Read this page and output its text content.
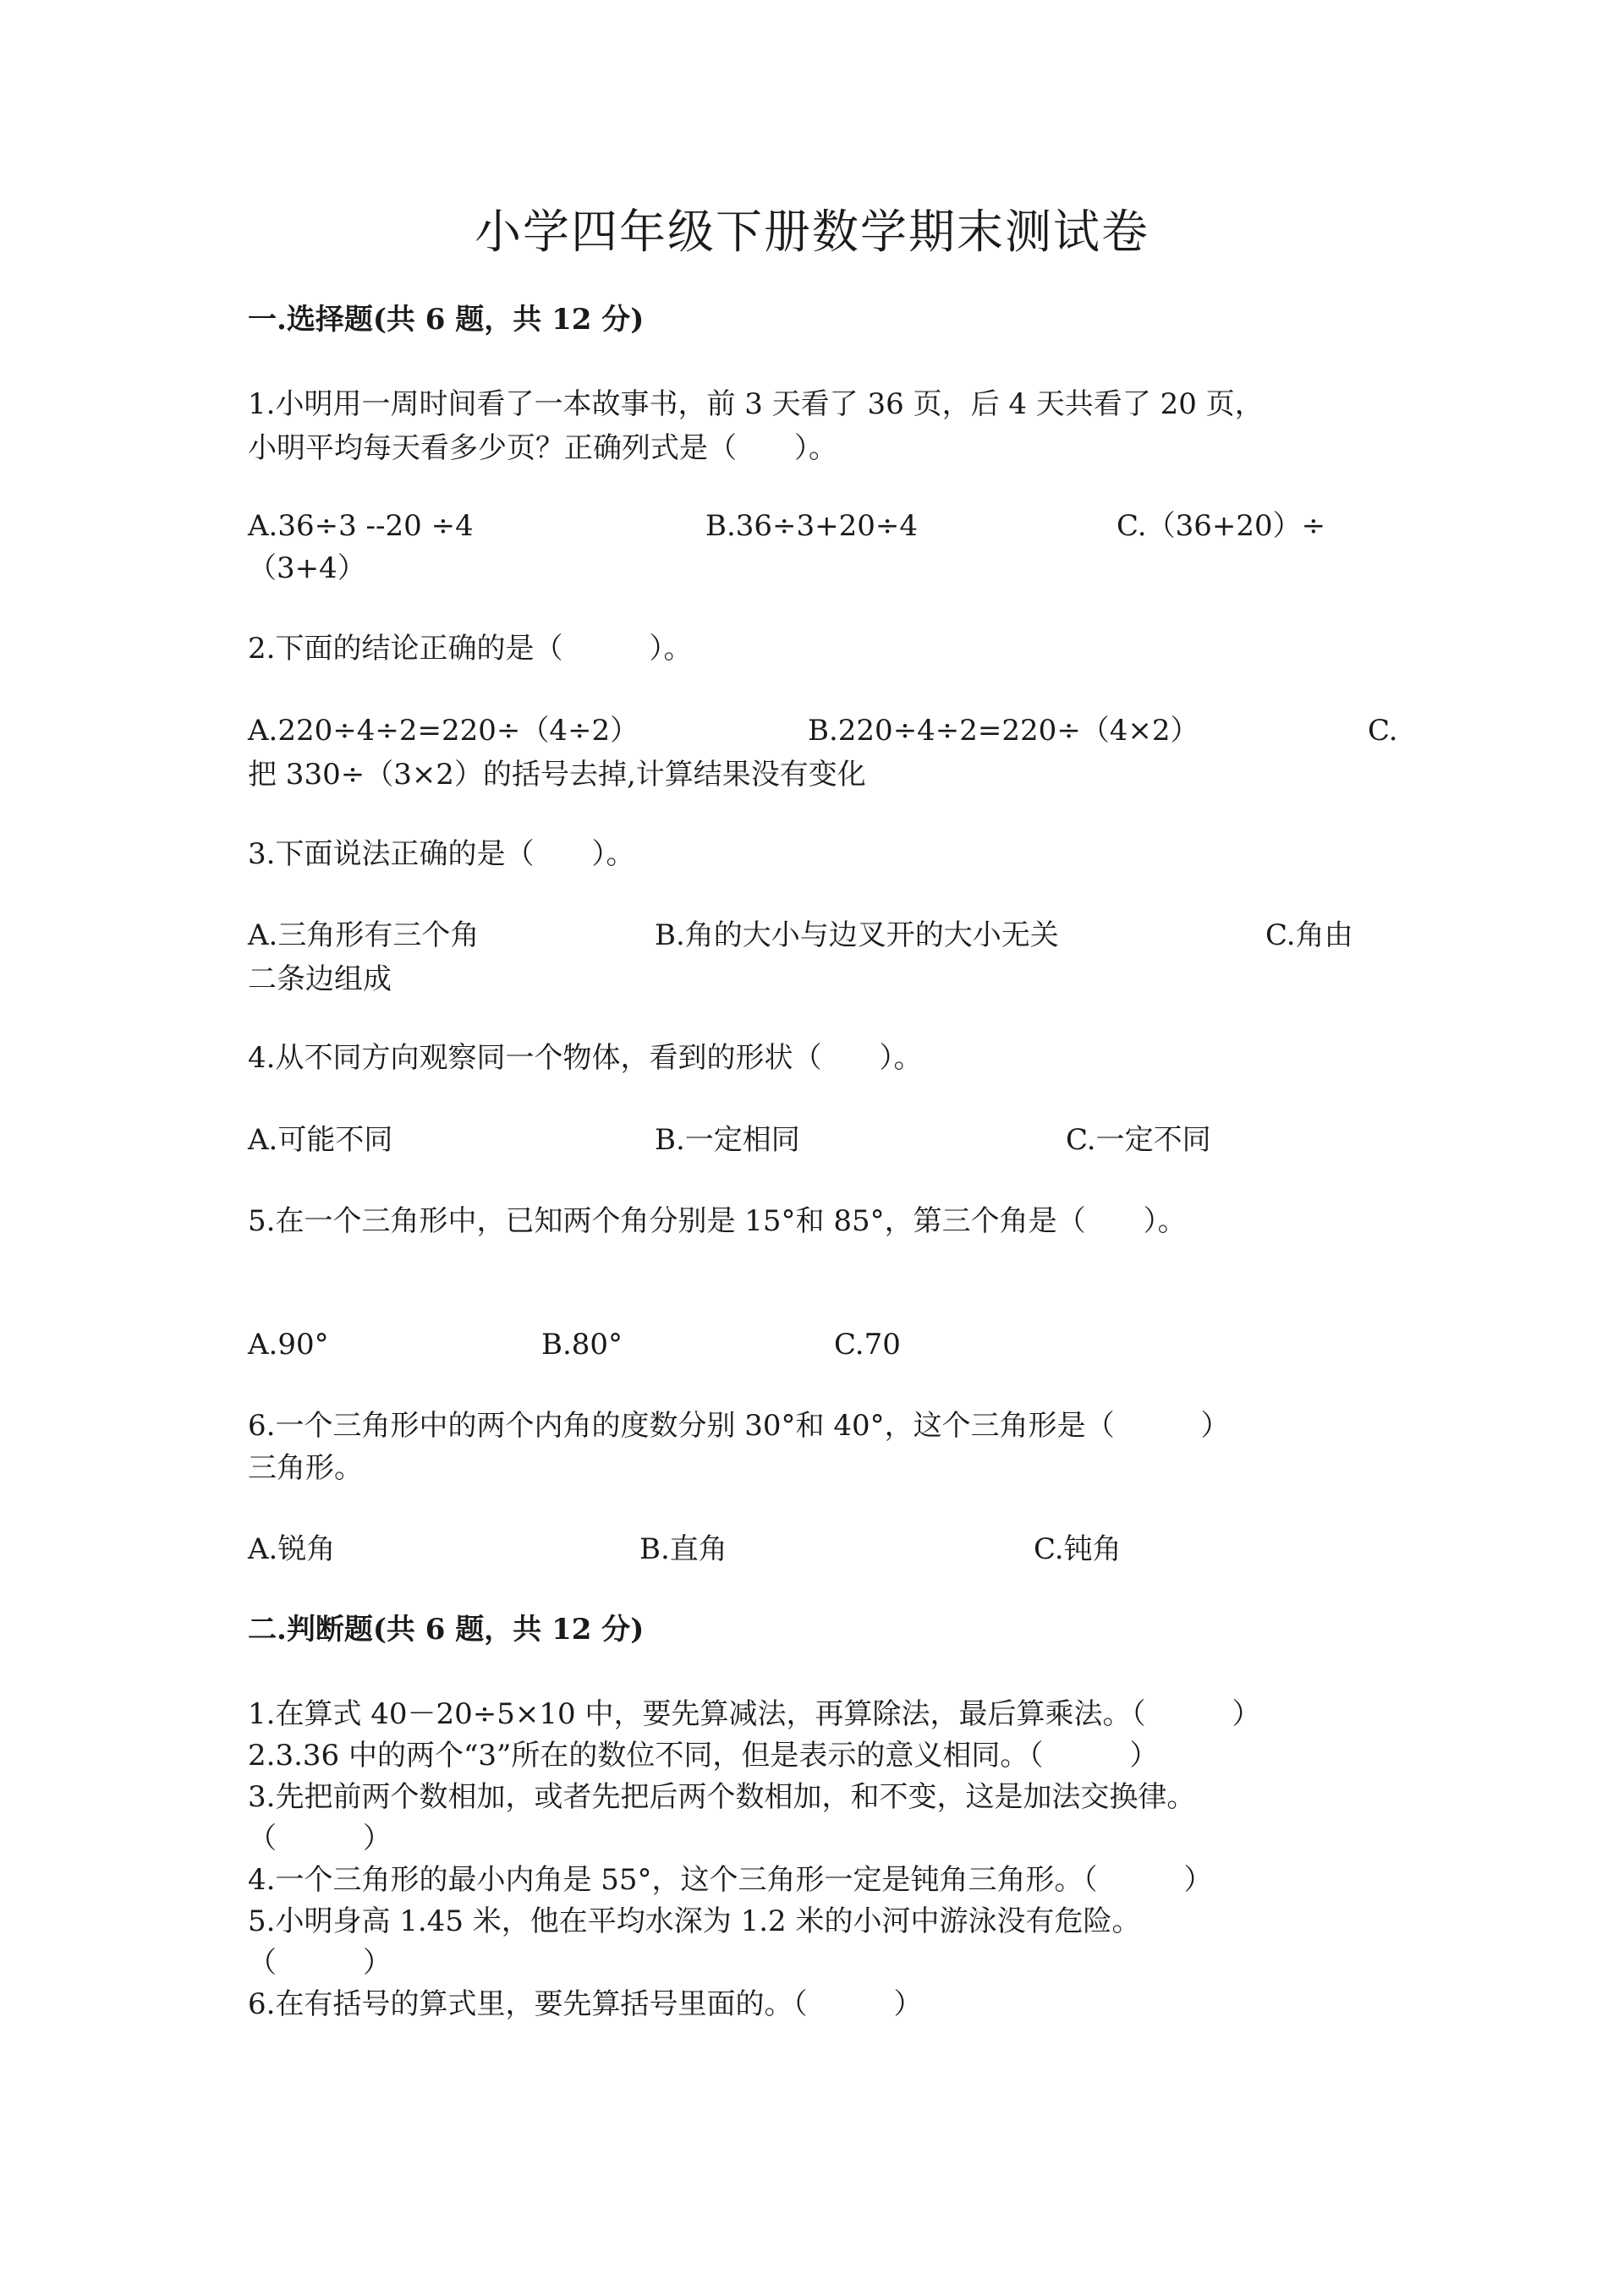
小学四年级下册数学期末测试卷
一.选择题(共 6 题，共 12 分)
1.小明用一周时间看了一本故事书，前 3 天看了 36 页，后 4 天共看了 20 页，
小明平均每天看多少页？正确列式是（　　）。
A.36÷3 --20 ÷4	B.36÷3+20÷4	C.（36+20）÷
（3+4）
2.下面的结论正确的是（　　　）。
A.220÷4÷2=220÷（4÷2）	B.220÷4÷2=220÷（4×2）	C.
把 330÷（3×2）的括号去掉,计算结果没有变化
3.下面说法正确的是（　　）。
A.三角形有三个角	B.角的大小与边叉开的大小无关	C.角由
二条边组成
4.从不同方向观察同一个物体，看到的形状（　　）。
A.可能不同	B.一定相同	C.一定不同
5.在一个三角形中，已知两个角分别是 15°和 85°，第三个角是（　　）。
A.90°	B.80°	C.70
6.一个三角形中的两个内角的度数分别 30°和 40°，这个三角形是（　　　）
三角形。
A.锐角	B.直角	C.钝角
二.判断题(共 6 题，共 12 分)
1.在算式 40－20÷5×10 中，要先算减法，再算除法，最后算乘法。（　　　）
2.3.36 中的两个“3”所在的数位不同，但是表示的意义相同。（　　　）
3.先把前两个数相加，或者先把后两个数相加，和不变，这是加法交换律。
（　　　）
4.一个三角形的最小内角是 55°，这个三角形一定是钝角三角形。（　　　）
5.小明身高 1.45 米，他在平均水深为 1.2 米的小河中游泳没有危险。
（　　　）
6.在有括号的算式里，要先算括号里面的。（　　　）
